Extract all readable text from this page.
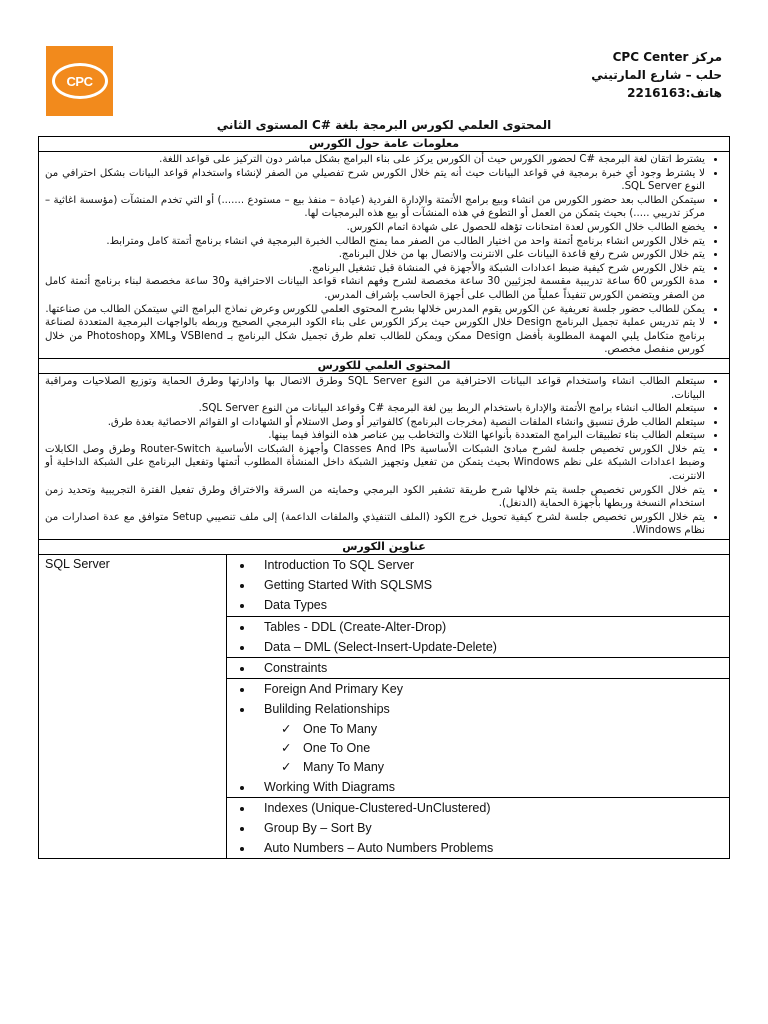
CPC
مركز CPC Center
حلب – شارع المارتيني
هاتف:2216163
المحتوى العلمي لكورس البرمجة بلغة #C المستوى الثاني
معلومات عامة حول الكورس

• يشترط اتقان لغة البرمجة #C لحضور الكورس حيث أن الكورس يركز على بناء البرامج بشكل مباشر دون التركيز على قواعد اللغة.
• لا يشترط وجود أي خبرة برمجية في قواعد البيانات حيث أنه يتم خلال الكورس شرح تفصيلي من الصفر لإنشاء واستخدام قواعد البيانات بشكل احترافي من النوع SQL Server.
• سيتمكن الطالب بعد حضور الكورس من انشاء وبيع برامج الأتمتة والإدارة الفردية (عيادة – منفذ بيع – مستودع .......) أو التي تخدم المنشآت (مؤسسة اغاثية – مركز تدريبي .....) بحيث يتمكن من العمل أو التطوع في هذه المنشآت أو بيع هذه البرمجيات لها.
• يخضع الطالب خلال الكورس لعدة امتحانات تؤهله للحصول على شهادة اتمام الكورس.
• يتم خلال الكورس انشاء برنامج أتمتة واحد من اختيار الطالب من الصفر مما يمنح الطالب الخبرة البرمجية في انشاء برنامج أتمتة كامل ومترابط.
• يتم خلال الكورس شرح رفع قاعدة البيانات على الانترنت والاتصال بها من خلال البرنامج.
• يتم خلال الكورس شرح كيفية ضبط اعدادات الشبكة والأجهزة في المنشاة قبل تشغيل البرنامج.
• مدة الكورس 60 ساعة تدريبية مقسمة لجزئيين 30 ساعة مخصصة لشرح وفهم انشاء قواعد البيانات الاحترافية و30 ساعة مخصصة لبناء برنامج أتمتة كامل من الصفر ويتضمن الكورس تنفيذاً عملياً من الطالب على أجهزة الحاسب بإشراف المدرس.
• يمكن للطالب حضور جلسة تعريفية عن الكورس يقوم المدرس خلالها بشرح المحتوى العلمي للكورس وعرض نماذج البرامج التي سيتمكن الطالب من صناعتها.
• لا يتم تدريس عملية تجميل البرنامج Design خلال الكورس حيث يركز الكورس على بناء الكود البرمجي الصحيح وربطه بالواجهات البرمجية المتعددة لصناعة برنامج متكامل يلبي المهمة المطلوبة بأفضل Design ممكن ويمكن للطالب تعلم طرق تجميل شكل البرنامج بـ VSBlend وXML وPhotoshop من خلال كورس منفصل مخصص.

المحتوى العلمي للكورس

• سيتعلم الطالب انشاء واستخدام قواعد البيانات الاحترافية من النوع SQL Server وطرق الاتصال بها وادارتها وطرق الحماية وتوزيع الصلاحيات ومراقبة البيانات.
• سيتعلم الطالب انشاء برامج الأتمتة والإدارة باستخدام الربط بين لغة البرمجة #C وقواعد البيانات من النوع SQL Server.
• سيتعلم الطالب طرق تنسيق وانشاء الملفات النصية (مخرجات البرنامج) كالفواتير أو وصل الاستلام أو الشهادات او القوائم الاحصائية بعدة طرق.
• سيتعلم الطالب بناء تطبيقات البرامج المتعددة بأنواعها الثلاث والتخاطب بين عناصر هذه النوافذ فيما بينها.
• يتم خلال الكورس تخصيص جلسة لشرح مبادئ الشبكات الأساسية Classes And IPs وأجهزة الشبكات الأساسية Router-Switch وطرق وصل الكابلات وضبط اعدادات الشبكة على نظم Windows بحيث يتمكن من تفعيل وتجهيز الشبكة داخل المنشأة المطلوب أتمتها وتفعيل البرنامج على الشبكة الداخلية أو الانترنت.
• يتم خلال الكورس تخصيص جلسة يتم خلالها شرح طريقة تشفير الكود البرمجي وحمايته من السرقة والاختراق وطرق تفعيل الفترة التجريبية وتحديد زمن استخدام النسخة وربطها بأجهزة الحماية (الدنغل).
• يتم خلال الكورس تخصيص جلسة لشرح كيفية تحويل خرج الكود (الملف التنفيذي والملفات الداعمة) إلى ملف تنصيبي Setup متوافق مع عدة اصدارات من نظام Windows.

عناوين الكورس
SQL Server	
•	Introduction To SQL Server
• Getting Started With SQLSMS
• Data Types

• Tables - DDL (Create-Alter-Drop)
• Data – DML (Select-Insert-Update-Delete)

• Constraints

• Foreign And Primary Key
• Bulilding Relationships
✓ One To Many
✓ One To One
✓ Many To Many
• Working With Diagrams

• Indexes (Unique-Clustered-UnClustered)
• Group By – Sort By
• Auto Numbers – Auto Numbers Problems
